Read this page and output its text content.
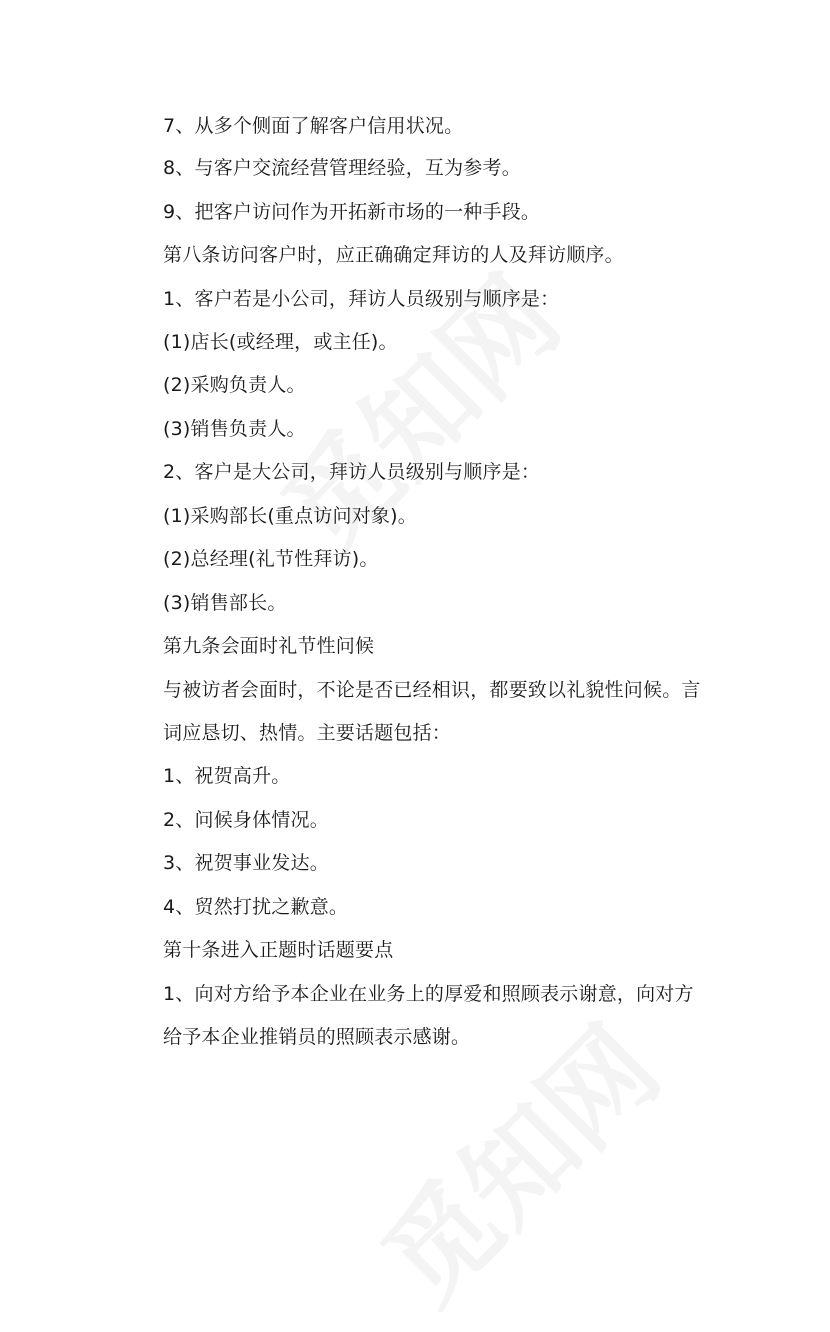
7、从多个侧面了解客户信用状况。
8、与客户交流经营管理经验，互为参考。
9、把客户访问作为开拓新市场的一种手段。
第八条访问客户时，应正确确定拜访的人及拜访顺序。
1、客户若是小公司，拜访人员级别与顺序是：
(1)店长(或经理，或主任)。
(2)采购负责人。
(3)销售负责人。
2、客户是大公司，拜访人员级别与顺序是：
(1)采购部长(重点访问对象)。
(2)总经理(礼节性拜访)。
(3)销售部长。
第九条会面时礼节性问候
与被访者会面时，不论是否已经相识，都要致以礼貌性问候。言
词应恳切、热情。主要话题包括：
1、祝贺高升。
2、问候身体情况。
3、祝贺事业发达。
4、贸然打扰之歉意。
第十条进入正题时话题要点
1、向对方给予本企业在业务上的厚爱和照顾表示谢意，向对方
给予本企业推销员的照顾表示感谢。
